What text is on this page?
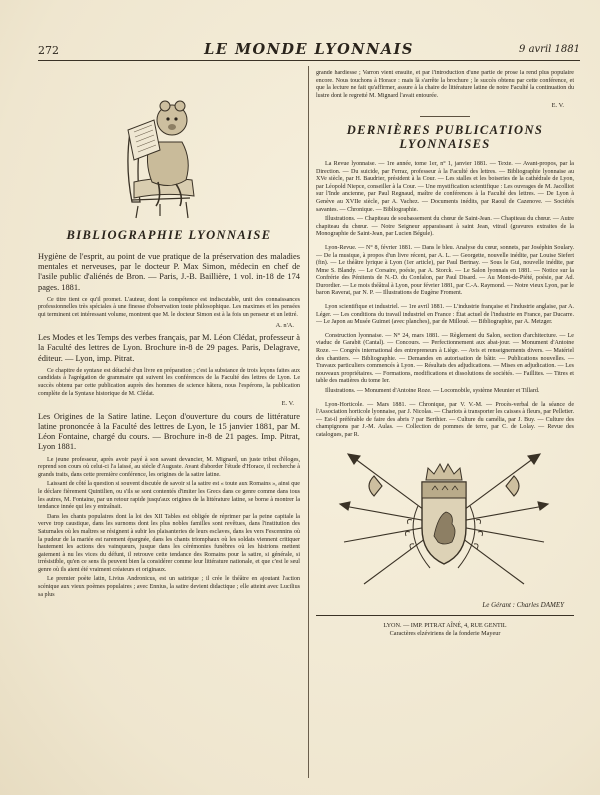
272	LE MONDE LYONNAIS	9 avril 1881
BIBLIOGRAPHIE LYONNAISE

Hygiène de l'esprit, au point de vue pratique de la préservation des maladies mentales et nerveuses, par le docteur P. Max Simon, médecin en chef de l'asile public d'aliénés de Bron. — Paris, J.-B. Baillière, 1 vol. in-18 de 174 pages. 1881.

Ce titre tient ce qu'il promet. L'auteur, dont la compétence est indiscutable, unit des connaissances professionnelles très spéciales à une finesse d'observation toute philosophique. Les maximes et les pensées qui terminent cet intéressant volume, montrent que M. le docteur Simon est à la fois un penseur et un lettré.

A. n'A.

Les Modes et les Temps des verbes français, par M. Léon Clédat, professeur à la Faculté des lettres de Lyon. Brochure in-8 de 29 pages. Paris, Delagrave, éditeur. — Lyon, imp. Pitrat.

Ce chapitre de syntaxe est détaché d'un livre en préparation ; c'est la substance de trois leçons faites aux candidats à l'agrégation de grammaire qui suivent les conférences de la Faculté des lettres de Lyon. Le succès obtenu par cette publication auprès des hommes de science hâtera, nous l'espérons, la publication complète de la Syntaxe historique de M. Clédat.

E. V.

Les Origines de la Satire latine. Leçon d'ouverture du cours de littérature latine prononcée à la Faculté des lettres de Lyon, le 15 janvier 1881, par M. Léon Fontaine, chargé du cours. — Brochure in-8 de 21 pages. Imp. Pitrat, Lyon 1881.

Le jeune professeur, après avoir payé à son savant devancier, M. Mignard, un juste tribut d'éloges, reprend son cours où celui-ci l'a laissé, au siècle d'Auguste. Avant d'aborder l'étude d'Horace, il recherche à grands traits, dans cette première conférence, les origines de la satire latine.

Laissant de côté la question si souvent discutée de savoir si la satire est « toute aux Romains », ainsi que le déclare fièrement Quintilien, ou s'ils se sont contentés d'imiter les Grecs dans ce genre comme dans tous les autres, M. Fontaine, par un retour rapide jusqu'aux origines de la littérature latine, se borne à montrer la tendance innée qui les y entraînait.

Dans les chants populaires dont la loi des XII Tables est obligée de réprimer par la peine capitale la verve trop caustique, dans les surnoms dont les plus nobles familles sont revêtues, dans l'institution des Saturnales où les maîtres se résignent à subir les plaisanteries de leurs esclaves, dans les vers Fescennins où la pudeur de la mariée est rarement épargnée, dans les chants triomphaux où les soldats viennent critiquer hautement les actions des vainqueurs, jusque dans les cérémonies funèbres où les histrions mettent gaiement à nu les vices du défunt, il retrouve cette tendance des Romains pour la satire, si générale, si irrésistible, qu'en ce sens ils peuvent bien la considérer comme leur littérature nationale, et que c'est le seul genre où ils aient été vraiment créateurs et originaux.

Le premier poète latin, Livius Andronicus, est un satirique ; il crée le théâtre en ajoutant l'action scénique aux vieux poèmes populaires ; avec Ennius, la satire devient didactique ; elle atteint avec Lucilius sa plus

grande hardiesse ; Varron vient ensuite, et par l'introduction d'une partie de prose la rend plus populaire encore. Nous touchons à Horace : mais là s'arrête la brochure ; le succès obtenu par cette conférence, et que la lecture ne fait qu'affirmer, assure à la chaire de littérature latine de notre Faculté la continuation du lustre dont le regretté M. Mignard l'avait entourée.

E. V.

DERNIÈRES PUBLICATIONS LYONNAISES

La Revue lyonnaise. — 1re année, tome 1er, n° 1, janvier 1881. — Texte. — Avant-propos, par la Direction. — Du suicide, par Ferraz, professeur à la Faculté des lettres. — Bibliographie lyonnaise au XVe siècle, par H. Baudrier, président à la Cour. — Les stalles et les boiseries de la cathédrale de Lyon, par Léopold Niepce, conseiller à la Cour. — Une mystification scientifique : Les ouvrages de M. Jacolliot sur l'Inde ancienne, par Paul Regnaud, maître de conférences à la Faculté des lettres. — De Lyon à Genève au XVIIe siècle, par A. Vachez. — Documents inédits, par Raoul de Cazenove. — Sociétés savantes. — Chronique. — Bibliographie.

Illustrations. — Chapiteau de soubassement du chœur de Saint-Jean. — Chapiteau du chœur. — Autre chapiteau du chœur. — Notre Seigneur apparaissant à saint Jean, vitrail (gravures extraites de la Monographie de Saint-Jean, par Lucien Bégule).

Lyon-Revue. — N° 8, février 1881. — Dans le bleu. Analyse du cœur, sonnets, par Joséphin Soulary. — De la musique, à propos d'un livre récent, par A. L. — Georgette, nouvelle inédite, par Louise Siefert (fin). — Le théâtre lyrique à Lyon (1er article), par Paul Bertnay. — Sous le Gui, nouvelle inédite, par Mme S. Blandy. — Le Corsaire, poésie, par A. Storck. — Le Salon lyonnais en 1881. — Notice sur la Confrérie des Pénitents de N.-D. du Confalon, par Paul Disard. — Au Mont-de-Piété, poésie, par Ad. Durordier. — Le mois théâtral à Lyon, pour février 1881, par C.-A. Raymond. — Notre vieux Lyon, par le baron Raverat, par N. P. — Illustrations de Eugène Froment.

Lyon scientifique et industriel. — 1re avril 1881. — L'industrie française et l'industrie anglaise, par A. Léger. — Les conditions du travail industriel en France : État actuel de l'industrie en France, par Ducarre. — Le Japon au Musée Guimet (avec planches), par de Milloué. — Bibliographie, par A. Metzger.

Construction lyonnaise. — N° 24, mars 1881. — Règlement du Salon, section d'architecture. — Le viaduc de Garabit (Cantal). — Concours. — Perfectionnement aux abat-jour. — Monument d'Antoine Roze. — Congrès international des entrepreneurs à Liège. — Avis et renseignements divers. — Matériel des chantiers. — Bibliographie. — Demandes en autorisation de bâtir. — Publications nouvelles. — Travaux particuliers commencés à Lyon. — Résultats des adjudications. — Mises en adjudication. — Les nouveaux propriétaires. — Formations, modifications et dissolutions de sociétés. — Faillites. — Titres et table des matières du tome Ier.

Illustrations. — Monument d'Antoine Roze. — Locomobile, système Meunier et Tillard.

Lyon-Horticole. — Mars 1881. — Chronique, par V. V.-M. — Procès-verbal de la séance de l'Association horticole lyonnaise, par J. Nicolas. — Chariots à transporter les caisses à fleurs, par Pelletier. — Est-il préférable de faire des abris ? par Berthier. — Culture du camélia, par J. Buy. — Culture des champignons par J.-M. Aulas. — Collection de pommes de terre, par C. de Lolay. — Revue des catalogues, par R.

Le Gérant : Charles DAMEY

LYON. — IMP. PITRAT AÎNÉ, 4, RUE GENTIL
Caractères elzéviriens de la fonderie Mayeur
